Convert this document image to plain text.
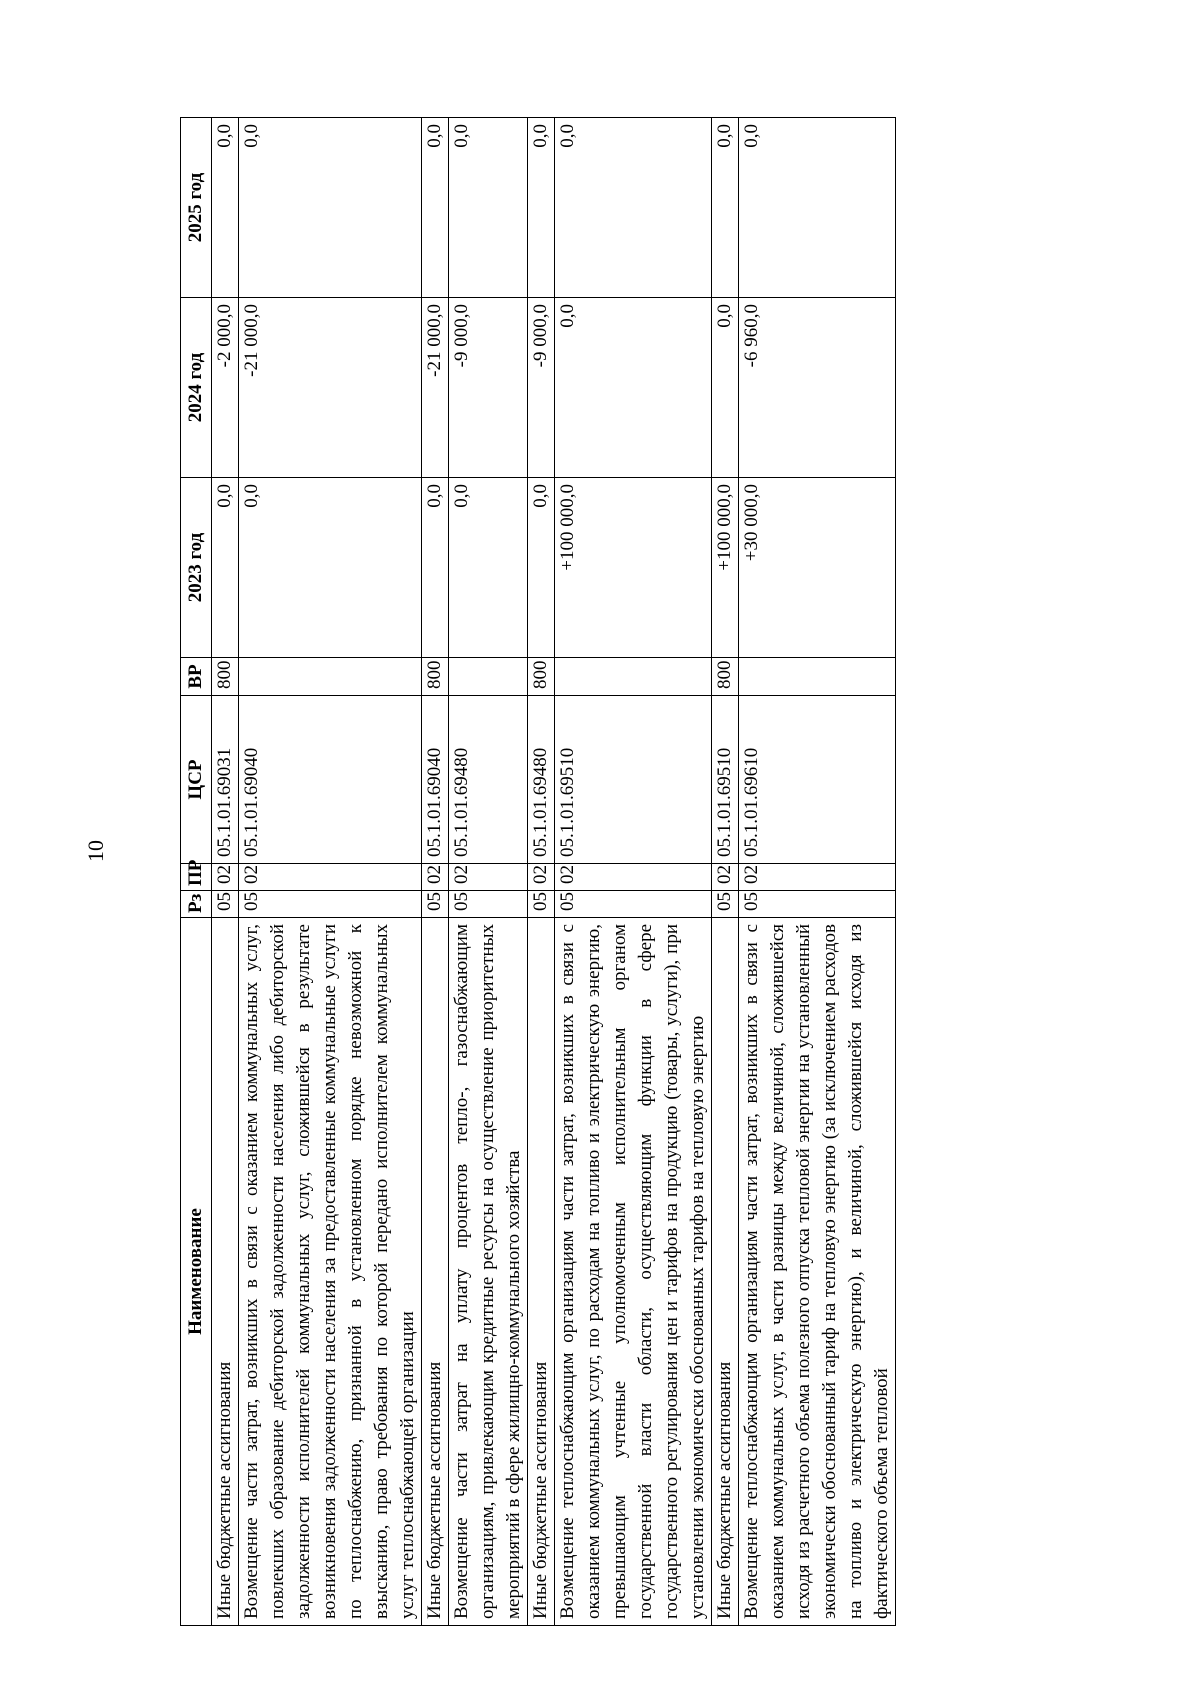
10
Наименование	Рз	ПР	ЦСР	ВР	2023 год	2024 год	2025 год
Иные бюджетные ассигнования	05	02	05.1.01.69031	800	0,0	-2 000,0	0,0
Возмещение части затрат, возникших в связи с оказанием коммунальных услуг, повлекших образование дебиторской задолженности населения либо дебиторской задолженности исполнителей коммунальных услуг, сложившейся в результате возникновения задолженности населения за предоставленные коммунальные услуги по теплоснабжению, признанной в установленном порядке невозможной к взысканию, право требования по которой передано исполнителем коммунальных услуг теплоснабжающей организации	05	02	05.1.01.69040		0,0	-21 000,0	0,0
Иные бюджетные ассигнования	05	02	05.1.01.69040	800	0,0	-21 000,0	0,0
Возмещение части затрат на уплату процентов тепло-, газоснабжающим организациям, привлекающим кредитные ресурсы на осуществление приоритетных мероприятий в сфере жилищно-коммунального хозяйства	05	02	05.1.01.69480		0,0	-9 000,0	0,0
Иные бюджетные ассигнования	05	02	05.1.01.69480	800	0,0	-9 000,0	0,0
Возмещение теплоснабжающим организациям части затрат, возникших в связи с оказанием коммунальных услуг, по расходам на топливо и электрическую энергию, превышающим учтенные уполномоченным исполнительным органом государственной власти области, осуществляющим функции в сфере государственного регулирования цен и тарифов на продукцию (товары, услуги), при установлении экономически обоснованных тарифов на тепловую энергию	05	02	05.1.01.69510		+100 000,0	0,0	0,0
Иные бюджетные ассигнования	05	02	05.1.01.69510	800	+100 000,0	0,0	0,0
Возмещение теплоснабжающим организациям части затрат, возникших в связи с оказанием коммунальных услуг, в части разницы между величиной, сложившейся исходя из расчетного объема полезного отпуска тепловой энергии на установленный экономически обоснованный тариф на тепловую энергию (за исключением расходов на топливо и электрическую энергию), и величиной, сложившейся исходя из фактического объема тепловой	05	02	05.1.01.69610		+30 000,0	-6 960,0	0,0
